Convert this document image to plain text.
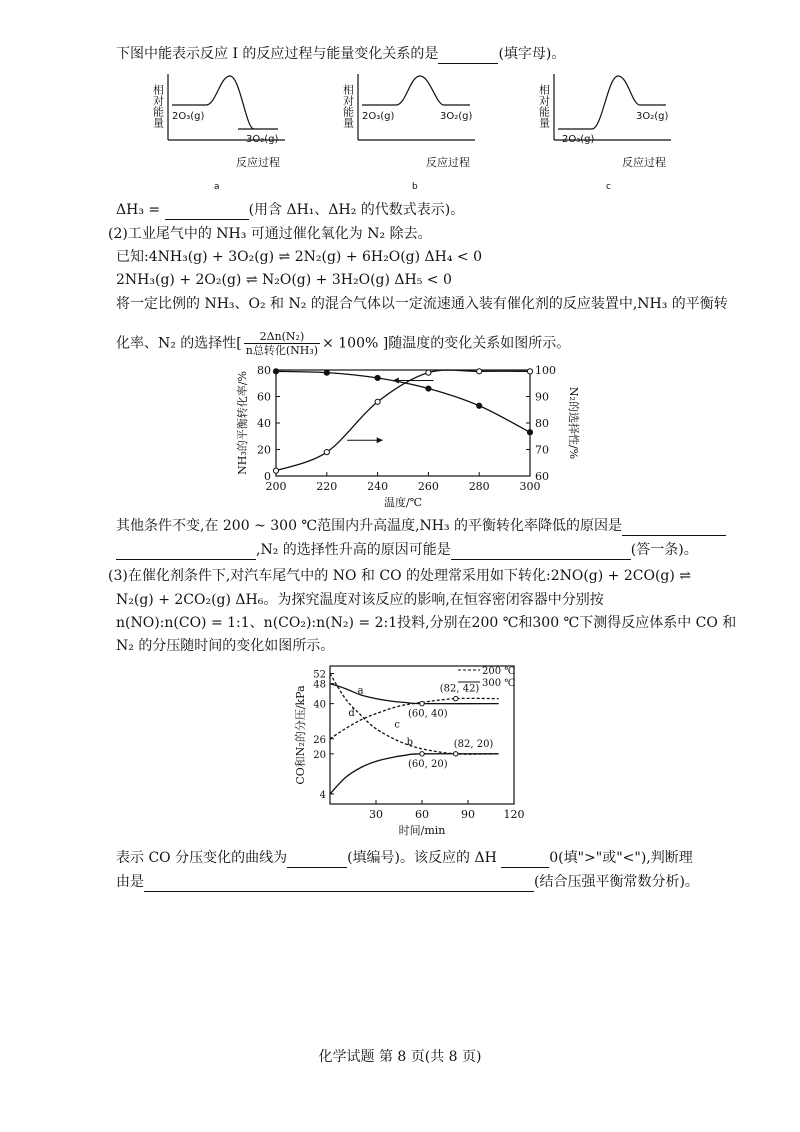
下图中能表示反应 Ⅰ 的反应过程与能量变化关系的是	(填字母)。
相对能量 2O₃(g)
3O₂(g)
反应过程
a
相对能量 2O₃(g)	3O₂(g)
反应过程
b
相对能量
2O₃(g)
3O₂(g)
反应过程
c
ΔH₃ =	(用含 ΔH₁、ΔH₂ 的代数式表示)。
(2)工业尾气中的 NH₃ 可通过催化氧化为 N₂ 除去。
已知:4NH₃(g) + 3O₂(g) ⇌ 2N₂(g) + 6H₂O(g) ΔH₄ < 0
2NH₃(g) + 2O₂(g) ⇌ N₂O(g) + 3H₂O(g) ΔH₅ < 0
将一定比例的 NH₃、O₂ 和 N₂ 的混合气体以一定流速通入装有催化剂的反应装置中,NH₃ 的平衡转
化率、N₂ 的选择性[	2Δn(N₂)
n总转化(NH₃) × 100% ]随温度的变化关系如图所示。
200	220	240	260	280	300
0
20
40
60
80
60
70
80
90
100
温度/℃
NH₃的平衡转化率/%	N₂的选择性/%
其他条件不变,在 200 ~ 300 ℃范围内升高温度,NH₃ 的平衡转化率降低的原因是
,N₂ 的选择性升高的原因可能是	(答一条)。
(3)在催化剂条件下,对汽车尾气中的 NO 和 CO 的处理常采用如下转化:2NO(g) + 2CO(g) ⇌
N₂(g) + 2CO₂(g) ΔH₆。为探究温度对该反应的影响,在恒容密闭容器中分别按
n(NO):n(CO) = 1:1、n(CO₂):n(N₂) = 2:1投料,分别在200 ℃和300 ℃下测得反应体系中 CO 和
N₂ 的分压随时间的变化如图所示。
30	60	90	120
4
20
26
40
48
52
时间/min
CO和N₂的分压/kPa	a
b
c
d
(82, 42)
(60, 40)
(82, 20)
(60, 20)
200 ℃
300 ℃
表示 CO 分压变化的曲线为	(填编号)。该反应的 ΔH	0(填">"或"<"),判断理
由是	(结合压强平衡常数分析)。
化学试题 第 8 页(共 8 页)
